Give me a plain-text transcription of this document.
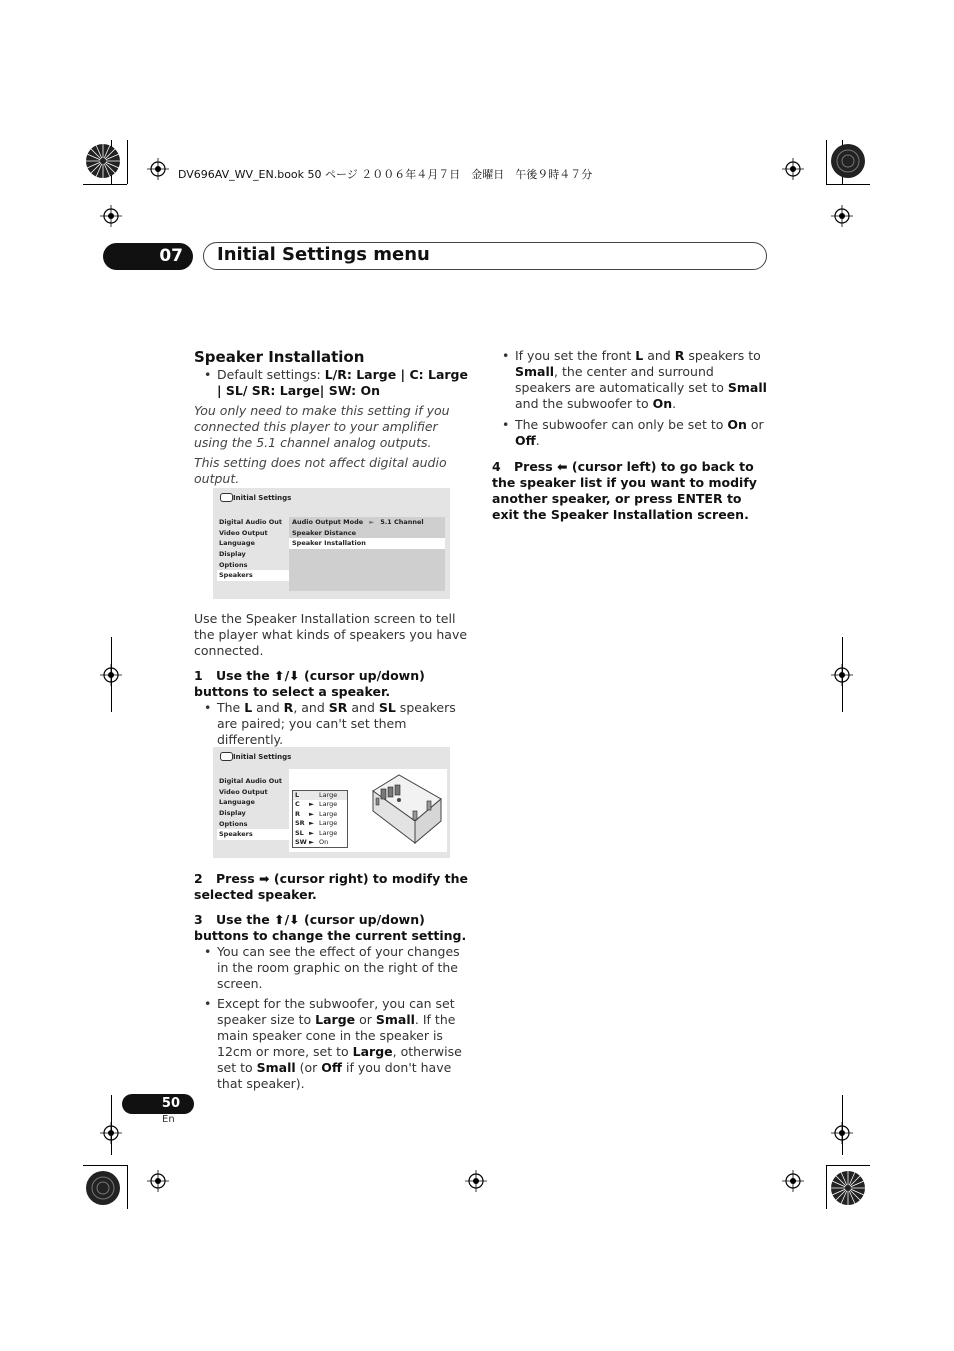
DV696AV_WV_EN.book 50 ページ ２００６年４月７日　金曜日　午後９時４７分
07	Initial Settings menu
Speaker Installation

• Default settings: L/R: Large | C: Large | SL/ SR: Large| SW: On

You only need to make this setting if you connected this player to your amplifier using the 5.1 channel analog outputs.

This setting does not affect digital audio output.

Initial Settings
Digital Audio Out
Video Output
Language
Display
Options
Speakers
Audio Output Mode ► 5.1 Channel
Speaker Distance
Speaker Installation

Use the Speaker Installation screen to tell the player what kinds of speakers you have connected.

1 Use the ⬆/⬇ (cursor up/down) buttons to select a speaker.

• The L and R, and SR and SL speakers are paired; you can't set them differently.

Initial Settings
Digital Audio Out
Video Output
Language
Display
Options
Speakers
L	Large
C	► Large
R	► Large
SR ► Large
SL ► Large
SW ► On

2 Press ➡ (cursor right) to modify the selected speaker.

3 Use the ⬆/⬇ (cursor up/down) buttons to change the current setting.

• You can see the effect of your changes in the room graphic on the right of the screen.

• Except for the subwoofer, you can set speaker size to Large or Small. If the main speaker cone in the speaker is 12cm or more, set to Large, otherwise set to Small (or Off if you don't have that speaker).

• If you set the front L and R speakers to Small, the center and surround speakers are automatically set to Small and the subwoofer to On.

• The subwoofer can only be set to On or Off.

4 Press ⬅ (cursor left) to go back to the speaker list if you want to modify another speaker, or press ENTER to exit the Speaker Installation screen.

50
En
